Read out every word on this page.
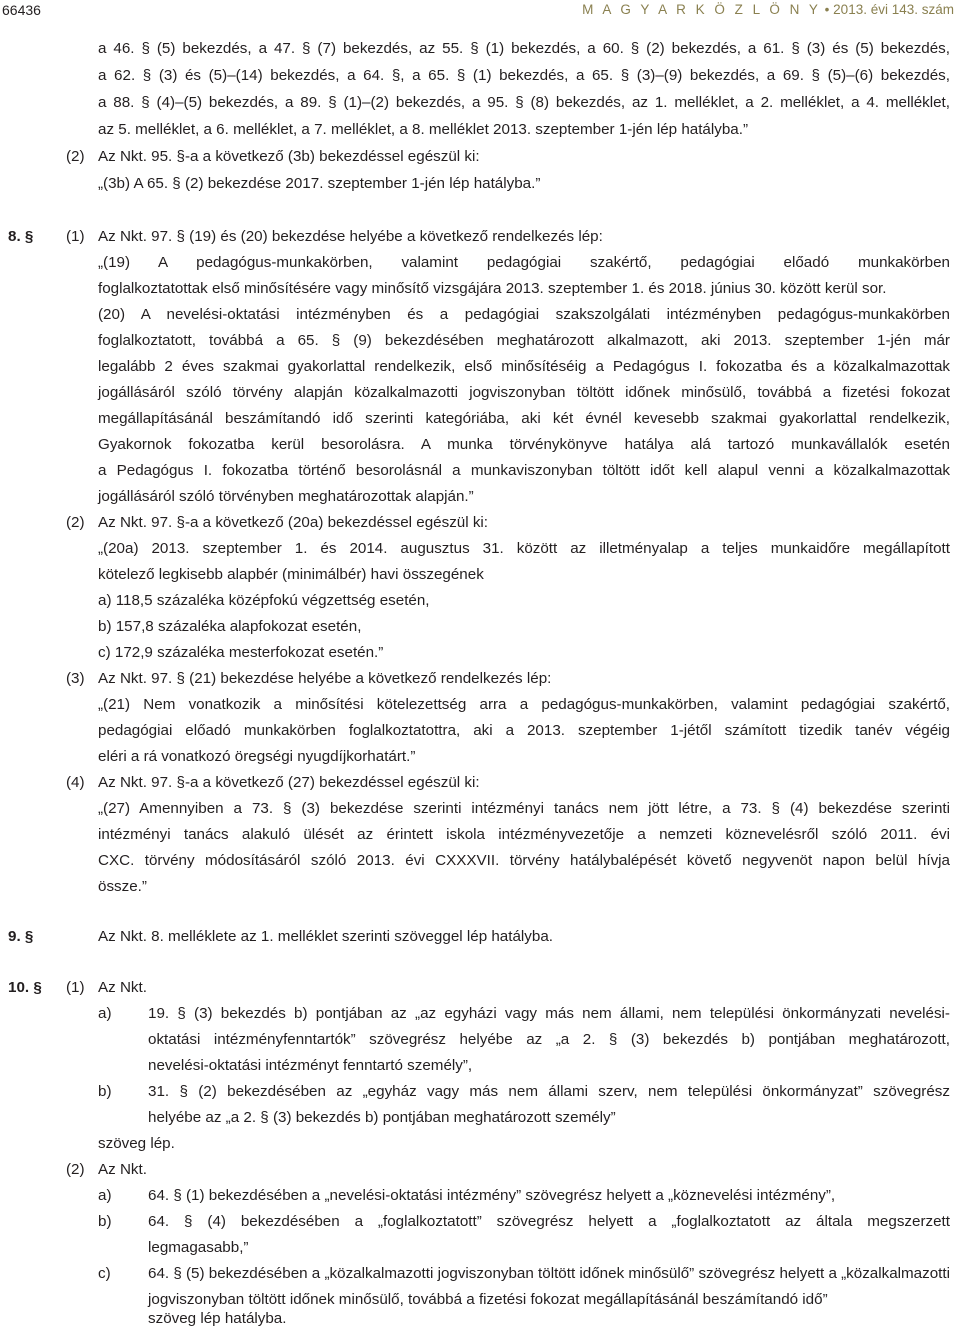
66436	M A G Y A R K Ö Z L Ö N Y • 2013. évi 143. szám
a 46. § (5) bekezdés, a 47. § (7) bekezdés, az 55. § (1) bekezdés, a 60. § (2) bekezdés, a 61. § (3) és (5) bekezdés,
a 62. § (3) és (5)–(14) bekezdés, a 64. §, a 65. § (1) bekezdés, a 65. § (3)–(9) bekezdés, a 69. § (5)–(6) bekezdés,
a 88. § (4)–(5) bekezdés, a 89. § (1)–(2) bekezdés, a 95. § (8) bekezdés, az 1. melléklet, a 2. melléklet, a 4. melléklet,
az 5. melléklet, a 6. melléklet, a 7. melléklet, a 8. melléklet 2013. szeptember 1-jén lép hatályba.”
(2) Az Nkt. 95. §-a a következő (3b) bekezdéssel egészül ki:
„(3b) A 65. § (2) bekezdése 2017. szeptember 1-jén lép hatályba.”
8. § (1) Az Nkt. 97. § (19) és (20) bekezdése helyébe a következő rendelkezés lép:
„(19) A pedagógus-munkakörben, valamint pedagógiai szakértő, pedagógiai előadó munkakörben
foglalkoztatottak első minősítésére vagy minősítő vizsgájára 2013. szeptember 1. és 2018. június 30. között kerül sor.
(20) A nevelési-oktatási intézményben és a pedagógiai szakszolgálati intézményben pedagógus-munkakörben
foglalkoztatott, továbbá a 65. § (9) bekezdésében meghatározott alkalmazott, aki 2013. szeptember 1-jén már
legalább 2 éves szakmai gyakorlattal rendelkezik, első minősítéséig a Pedagógus I. fokozatba és a közalkalmazottak
jogállásáról szóló törvény alapján közalkalmazotti jogviszonyban töltött időnek minősülő, továbbá a fizetési fokozat
megállapításánál beszámítandó idő szerinti kategóriába, aki két évnél kevesebb szakmai gyakorlattal rendelkezik,
Gyakornok fokozatba kerül besorolásra. A munka törvénykönyve hatálya alá tartozó munkavállalók esetén
a Pedagógus I. fokozatba történő besorolásnál a munkaviszonyban töltött időt kell alapul venni a közalkalmazottak
jogállásáról szóló törvényben meghatározottak alapján.”
(2) Az Nkt. 97. §-a a következő (20a) bekezdéssel egészül ki:
„(20a) 2013. szeptember 1. és 2014. augusztus 31. között az illetményalap a teljes munkaidőre megállapított
kötelező legkisebb alapbér (minimálbér) havi összegének
a) 118,5 százaléka középfokú végzettség esetén,
b) 157,8 százaléka alapfokozat esetén,
c) 172,9 százaléka mesterfokozat esetén.”
(3) Az Nkt. 97. § (21) bekezdése helyébe a következő rendelkezés lép:
„(21) Nem vonatkozik a minősítési kötelezettség arra a pedagógus-munkakörben, valamint pedagógiai szakértő,
pedagógiai előadó munkakörben foglalkoztatottra, aki a 2013. szeptember 1-jétől számított tizedik tanév végéig
eléri a rá vonatkozó öregségi nyugdíjkorhatárt.”
(4) Az Nkt. 97. §-a a következő (27) bekezdéssel egészül ki:
„(27) Amennyiben a 73. § (3) bekezdése szerinti intézményi tanács nem jött létre, a 73. § (4) bekezdése szerinti
intézményi tanács alakuló ülését az érintett iskola intézményvezetője a nemzeti köznevelésről szóló 2011. évi
CXC. törvény módosításáról szóló 2013. évi CXXXVII. törvény hatálybalépését követő negyvenöt napon belül hívja
össze.”
9. §	Az Nkt. 8. melléklete az 1. melléklet szerinti szöveggel lép hatályba.
10. § (1) Az Nkt.
a) 19. § (3) bekezdés b) pontjában az „az egyházi vagy más nem állami, nem települési önkormányzati nevelési-
oktatási intézményfenntartók” szövegrész helyébe az „a 2. § (3) bekezdés b) pontjában meghatározott,
nevelési-oktatási intézményt fenntartó személy”,
b) 31. § (2) bekezdésében az „egyház vagy más nem állami szerv, nem települési önkormányzat” szövegrész
helyébe az „a 2. § (3) bekezdés b) pontjában meghatározott személy”
szöveg lép.
(2) Az Nkt.
a) 64. § (1) bekezdésében a „nevelési-oktatási intézmény” szövegrész helyett a „köznevelési intézmény”,
b) 64. § (4) bekezdésében a „foglalkoztatott” szövegrész helyett a „foglalkoztatott az általa megszerzett
legmagasabb,”
c) 64. § (5) bekezdésében a „közalkalmazotti jogviszonyban töltött időnek minősülő” szövegrész helyett a „közalkalmazotti
jogviszonyban töltött időnek minősülő, továbbá a fizetési fokozat megállapításánál beszámítandó idő”
szöveg lép hatályba.
